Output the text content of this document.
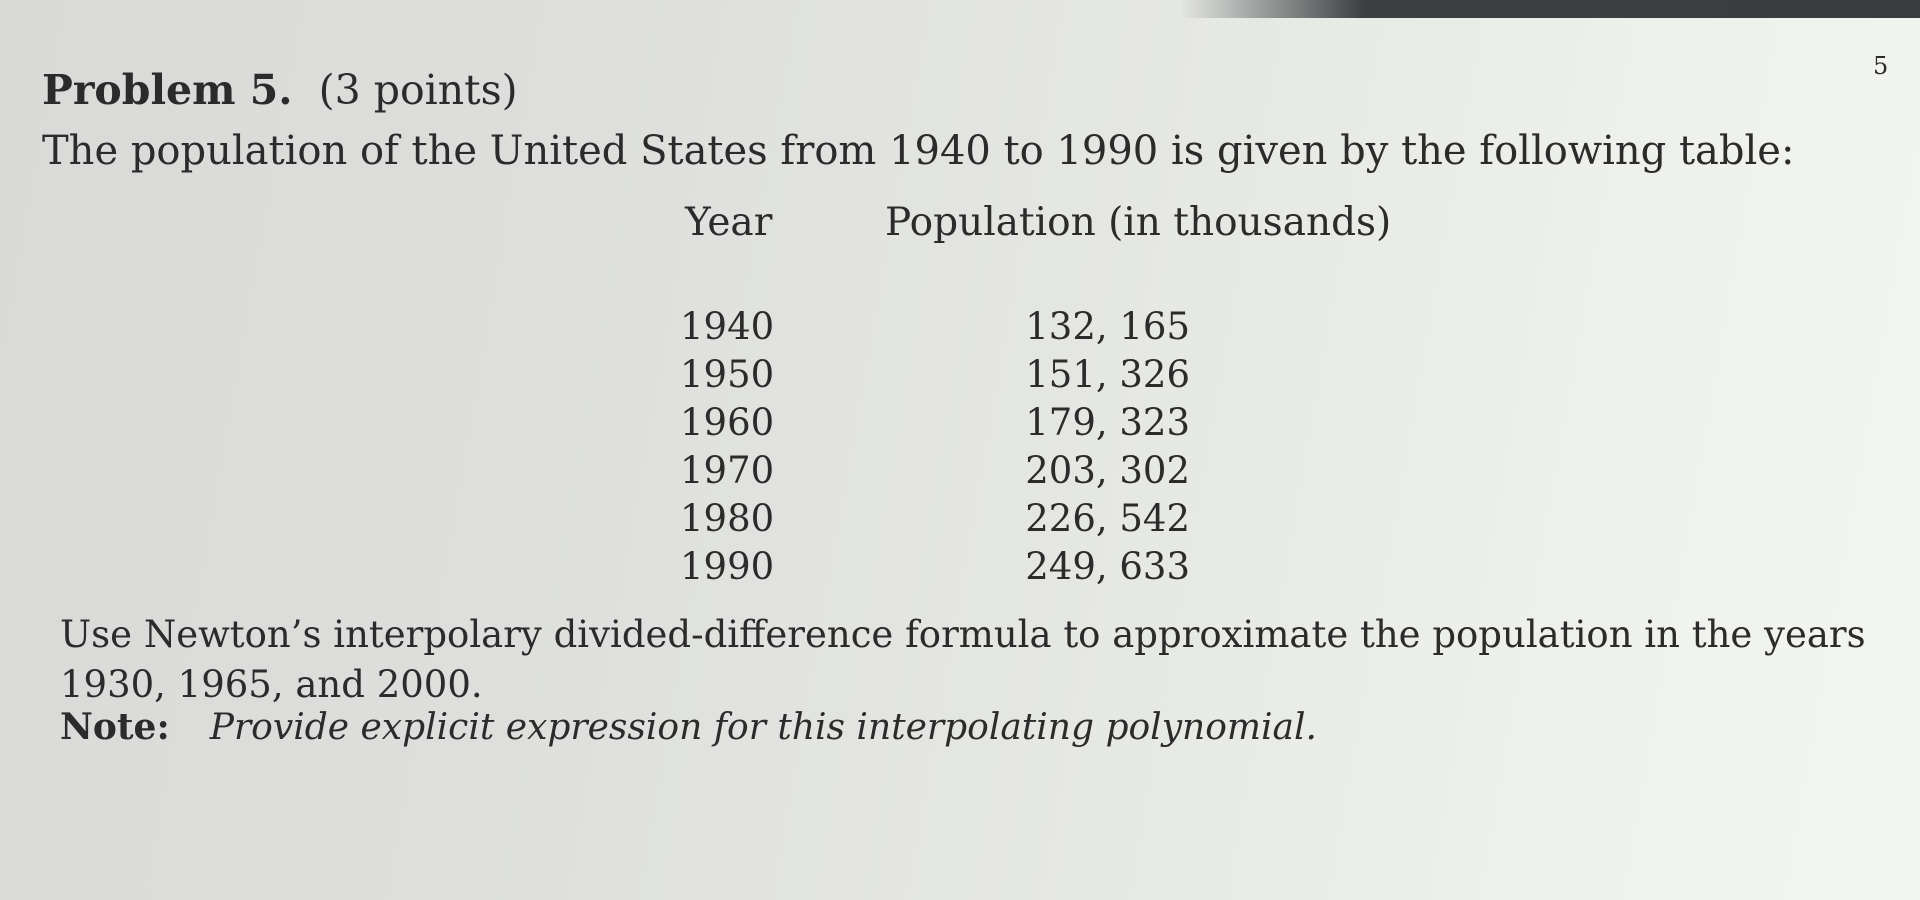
5
Problem 5. (3 points)
The population of the United States from 1940 to 1990 is given by the following table:
Year	Population (in thousands)
1940	132, 165
1950	151, 326
1960	179, 323
1970	203, 302
1980	226, 542
1990	249, 633
Use Newton’s interpolary divided-difference formula to approximate the population in the years 1930, 1965, and 2000.
Note: Provide explicit expression for this interpolating polynomial.
